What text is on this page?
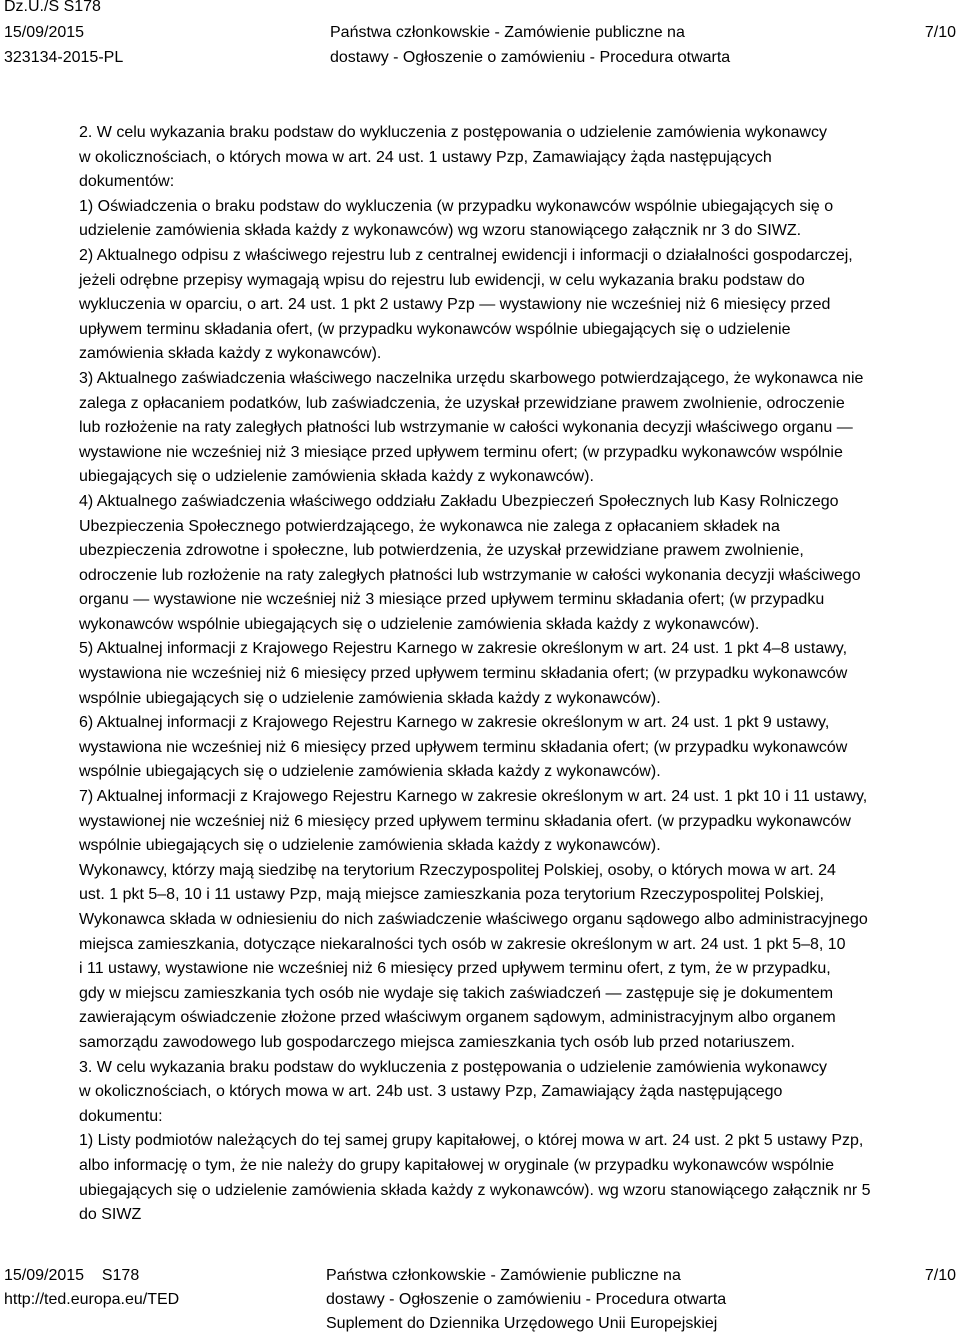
Dz.U./S S178
15/09/2015
323134-2015-PL
Państwa członkowskie - Zamówienie publiczne na
dostawy - Ogłoszenie o zamówieniu - Procedura otwarta
7/10
2. W celu wykazania braku podstaw do wykluczenia z postępowania o udzielenie zamówienia wykonawcy
w okolicznościach, o których mowa w art. 24 ust. 1 ustawy Pzp, Zamawiający żąda następujących
dokumentów:
1) Oświadczenia o braku podstaw do wykluczenia (w przypadku wykonawców wspólnie ubiegających się o
udzielenie zamówienia składa każdy z wykonawców) wg wzoru stanowiącego załącznik nr 3 do SIWZ.
2) Aktualnego odpisu z właściwego rejestru lub z centralnej ewidencji i informacji o działalności gospodarczej,
jeżeli odrębne przepisy wymagają wpisu do rejestru lub ewidencji, w celu wykazania braku podstaw do
wykluczenia w oparciu, o art. 24 ust. 1 pkt 2 ustawy Pzp — wystawiony nie wcześniej niż 6 miesięcy przed
upływem terminu składania ofert, (w przypadku wykonawców wspólnie ubiegających się o udzielenie
zamówienia składa każdy z wykonawców).
3) Aktualnego zaświadczenia właściwego naczelnika urzędu skarbowego potwierdzającego, że wykonawca nie
zalega z opłacaniem podatków, lub zaświadczenia, że uzyskał przewidziane prawem zwolnienie, odroczenie
lub rozłożenie na raty zaległych płatności lub wstrzymanie w całości wykonania decyzji właściwego organu —
wystawione nie wcześniej niż 3 miesiące przed upływem terminu ofert; (w przypadku wykonawców wspólnie
ubiegających się o udzielenie zamówienia składa każdy z wykonawców).
4) Aktualnego zaświadczenia właściwego oddziału Zakładu Ubezpieczeń Społecznych lub Kasy Rolniczego
Ubezpieczenia Społecznego potwierdzającego, że wykonawca nie zalega z opłacaniem składek na
ubezpieczenia zdrowotne i społeczne, lub potwierdzenia, że uzyskał przewidziane prawem zwolnienie,
odroczenie lub rozłożenie na raty zaległych płatności lub wstrzymanie w całości wykonania decyzji właściwego
organu — wystawione nie wcześniej niż 3 miesiące przed upływem terminu składania ofert; (w przypadku
wykonawców wspólnie ubiegających się o udzielenie zamówienia składa każdy z wykonawców).
5) Aktualnej informacji z Krajowego Rejestru Karnego w zakresie określonym w art. 24 ust. 1 pkt 4–8 ustawy,
wystawiona nie wcześniej niż 6 miesięcy przed upływem terminu składania ofert; (w przypadku wykonawców
wspólnie ubiegających się o udzielenie zamówienia składa każdy z wykonawców).
6) Aktualnej informacji z Krajowego Rejestru Karnego w zakresie określonym w art. 24 ust. 1 pkt 9 ustawy,
wystawiona nie wcześniej niż 6 miesięcy przed upływem terminu składania ofert; (w przypadku wykonawców
wspólnie ubiegających się o udzielenie zamówienia składa każdy z wykonawców).
7) Aktualnej informacji z Krajowego Rejestru Karnego w zakresie określonym w art. 24 ust. 1 pkt 10 i 11 ustawy,
wystawionej nie wcześniej niż 6 miesięcy przed upływem terminu składania ofert. (w przypadku wykonawców
wspólnie ubiegających się o udzielenie zamówienia składa każdy z wykonawców).
Wykonawcy, którzy mają siedzibę na terytorium Rzeczypospolitej Polskiej, osoby, o których mowa w art. 24
ust. 1 pkt 5–8, 10 i 11 ustawy Pzp, mają miejsce zamieszkania poza terytorium Rzeczypospolitej Polskiej,
Wykonawca składa w odniesieniu do nich zaświadczenie właściwego organu sądowego albo administracyjnego
miejsca zamieszkania, dotyczące niekaralności tych osób w zakresie określonym w art. 24 ust. 1 pkt 5–8, 10
i 11 ustawy, wystawione nie wcześniej niż 6 miesięcy przed upływem terminu ofert, z tym, że w przypadku,
gdy w miejscu zamieszkania tych osób nie wydaje się takich zaświadczeń — zastępuje się je dokumentem
zawierającym oświadczenie złożone przed właściwym organem sądowym, administracyjnym albo organem
samorządu zawodowego lub gospodarczego miejsca zamieszkania tych osób lub przed notariuszem.
3. W celu wykazania braku podstaw do wykluczenia z postępowania o udzielenie zamówienia wykonawcy
w okolicznościach, o których mowa w art. 24b ust. 3 ustawy Pzp, Zamawiający żąda następującego
dokumentu:
1) Listy podmiotów należących do tej samej grupy kapitałowej, o której mowa w art. 24 ust. 2 pkt 5 ustawy Pzp,
albo informację o tym, że nie należy do grupy kapitałowej w oryginale (w przypadku wykonawców wspólnie
ubiegających się o udzielenie zamówienia składa każdy z wykonawców). wg wzoru stanowiącego załącznik nr 5
do SIWZ
15/09/2015 S178
http://ted.europa.eu/TED
Państwa członkowskie - Zamówienie publiczne na
dostawy - Ogłoszenie o zamówieniu - Procedura otwarta
Suplement do Dziennika Urzędowego Unii Europejskiej
7/10
